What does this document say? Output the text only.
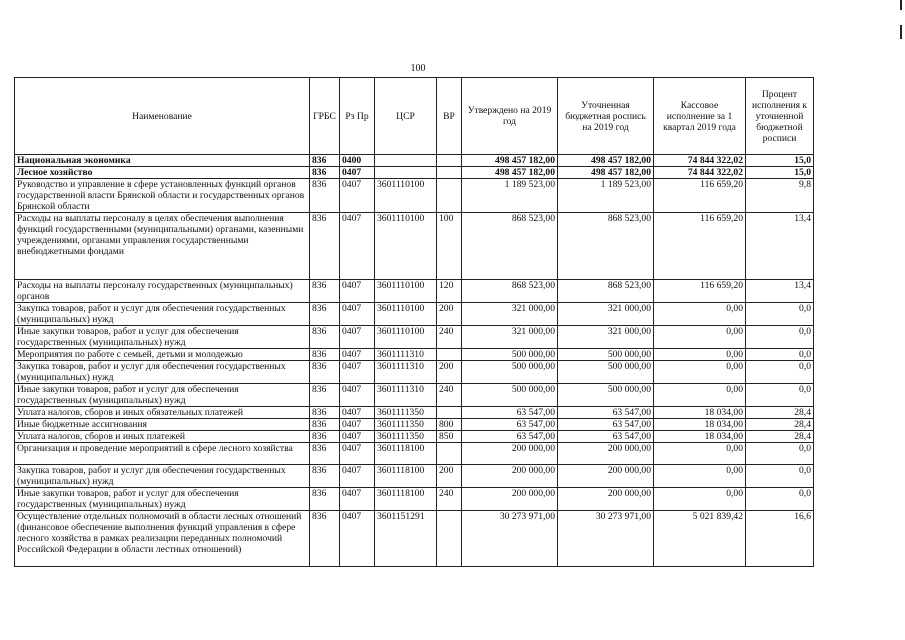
100
Наименование	ГРБС	Рз Пр	ЦСР	ВР	Утверждено на 2019 год	Уточненная бюджетная роспись на 2019 год	Кассовое исполнение за 1 квартал 2019 года	Процент исполнения к уточненной бюджетной росписи
Национальная экономика	836	0400			498 457 182,00	498 457 182,00	74 844 322,02	15,0
Лесное хозяйство	836	0407			498 457 182,00	498 457 182,00	74 844 322,02	15,0
Руководство и управление в сфере установленных функций органов государственной власти Брянской области и государственных органов Брянской области	836	0407	3601110100		1 189 523,00	1 189 523,00	116 659,20	9,8
Расходы на выплаты персоналу в целях обеспечения выполнения функций государственными (муниципальными) органами, казенными учреждениями, органами управления государственными внебюджетными фондами	836	0407	3601110100	100	868 523,00	868 523,00	116 659,20	13,4
Расходы на выплаты персоналу государственных (муниципальных) органов	836	0407	3601110100	120	868 523,00	868 523,00	116 659,20	13,4
Закупка товаров, работ и услуг для обеспечения государственных (муниципальных) нужд	836	0407	3601110100	200	321 000,00	321 000,00	0,00	0,0
Иные закупки товаров, работ и услуг для обеспечения государственных (муниципальных) нужд	836	0407	3601110100	240	321 000,00	321 000,00	0,00	0,0
Мероприятия по работе с семьей, детьми и молодежью	836	0407	3601111310		500 000,00	500 000,00	0,00	0,0
Закупка товаров, работ и услуг для обеспечения государственных (муниципальных) нужд	836	0407	3601111310	200	500 000,00	500 000,00	0,00	0,0
Иные закупки товаров, работ и услуг для обеспечения государственных (муниципальных) нужд	836	0407	3601111310	240	500 000,00	500 000,00	0,00	0,0
Уплата налогов, сборов и иных обязательных платежей	836	0407	3601111350		63 547,00	63 547,00	18 034,00	28,4
Иные бюджетные ассигнования	836	0407	3601111350	800	63 547,00	63 547,00	18 034,00	28,4
Уплата налогов, сборов и иных платежей	836	0407	3601111350	850	63 547,00	63 547,00	18 034,00	28,4
Организация и проведение мероприятий в сфере лесного хозяйства	836	0407	3601118100		200 000,00	200 000,00	0,00	0,0
Закупка товаров, работ и услуг для обеспечения государственных (муниципальных) нужд	836	0407	3601118100	200	200 000,00	200 000,00	0,00	0,0
Иные закупки товаров, работ и услуг для обеспечения государственных (муниципальных) нужд	836	0407	3601118100	240	200 000,00	200 000,00	0,00	0,0
Осуществление отдельных полномочий в области лесных отношений (финансовое обеспечение выполнения функций управления в сфере лесного хозяйства в рамках реализации переданных полномочий Российской Федерации в области лестных отношений)	836	0407	3601151291		30 273 971,00	30 273 971,00	5 021 839,42	16,6
